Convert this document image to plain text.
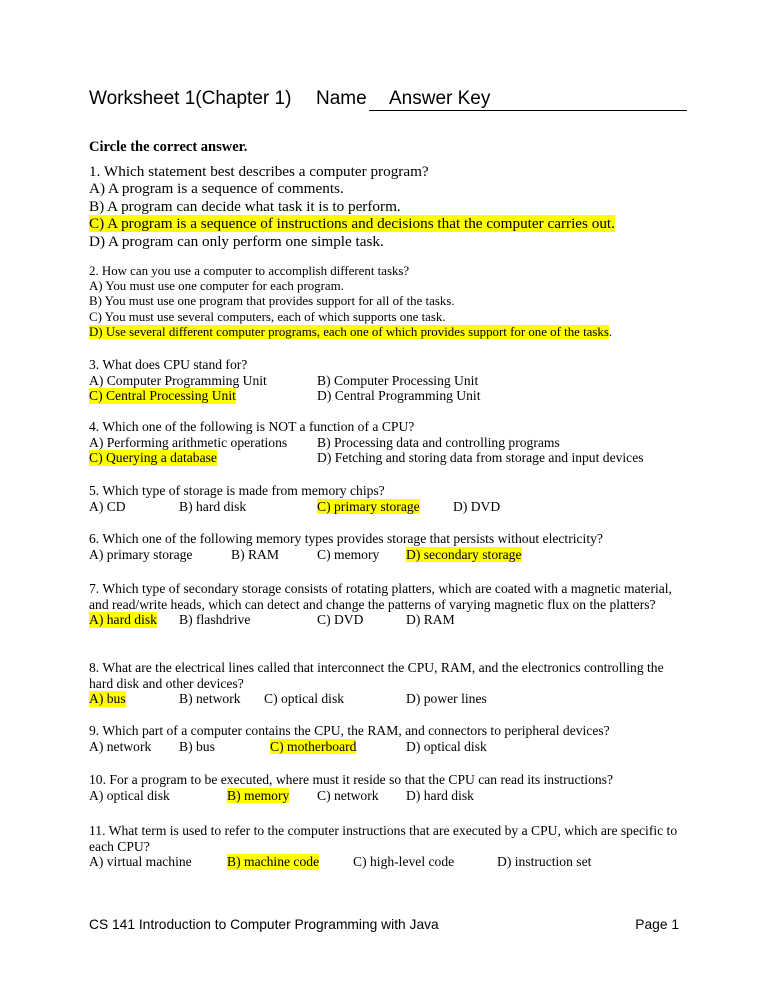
Worksheet 1(Chapter 1) Name	Answer Key
Circle the correct answer.
1. Which statement best describes a computer program?
A) A program is a sequence of comments.
B) A program can decide what task it is to perform.
C) A program is a sequence of instructions and decisions that the computer carries out.
D) A program can only perform one simple task.
2. How can you use a computer to accomplish different tasks?
A) You must use one computer for each program.
B) You must use one program that provides support for all of the tasks.
C) You must use several computers, each of which supports one task.
D) Use several different computer programs, each one of which provides support for one of the tasks.
3. What does CPU stand for?
A) Computer Programming Unit	B) Computer Processing Unit
C) Central Processing Unit	D) Central Programming Unit
4. Which one of the following is NOT a function of a CPU?
A) Performing arithmetic operations B) Processing data and controlling programs
C) Querying a database	D) Fetching and storing data from storage and input devices
5. Which type of storage is made from memory chips?
A) CD	B) hard disk	C) primary storage D) DVD
6. Which one of the following memory types provides storage that persists without electricity?
A) primary storage	B) RAM	C) memory D) secondary storage
7. Which type of secondary storage consists of rotating platters, which are coated with a magnetic material, and read/write heads, which can detect and change the patterns of varying magnetic flux on the platters?
A) hard disk B) flashdrive	C) DVD	D) RAM
8. What are the electrical lines called that interconnect the CPU, RAM, and the electronics controlling the hard disk and other devices?
A) bus	B) network C) optical disk	D) power lines
9. Which part of a computer contains the CPU, the RAM, and connectors to peripheral devices?
A) network B) bus	C) motherboard	D) optical disk
10. For a program to be executed, where must it reside so that the CPU can read its instructions?
A) optical disk	B) memory C) network D) hard disk
11. What term is used to refer to the computer instructions that are executed by a CPU, which are specific to each CPU?
A) virtual machine	B) machine code C) high-level code	D) instruction set
CS 141 Introduction to Computer Programming with Java	Page 1
